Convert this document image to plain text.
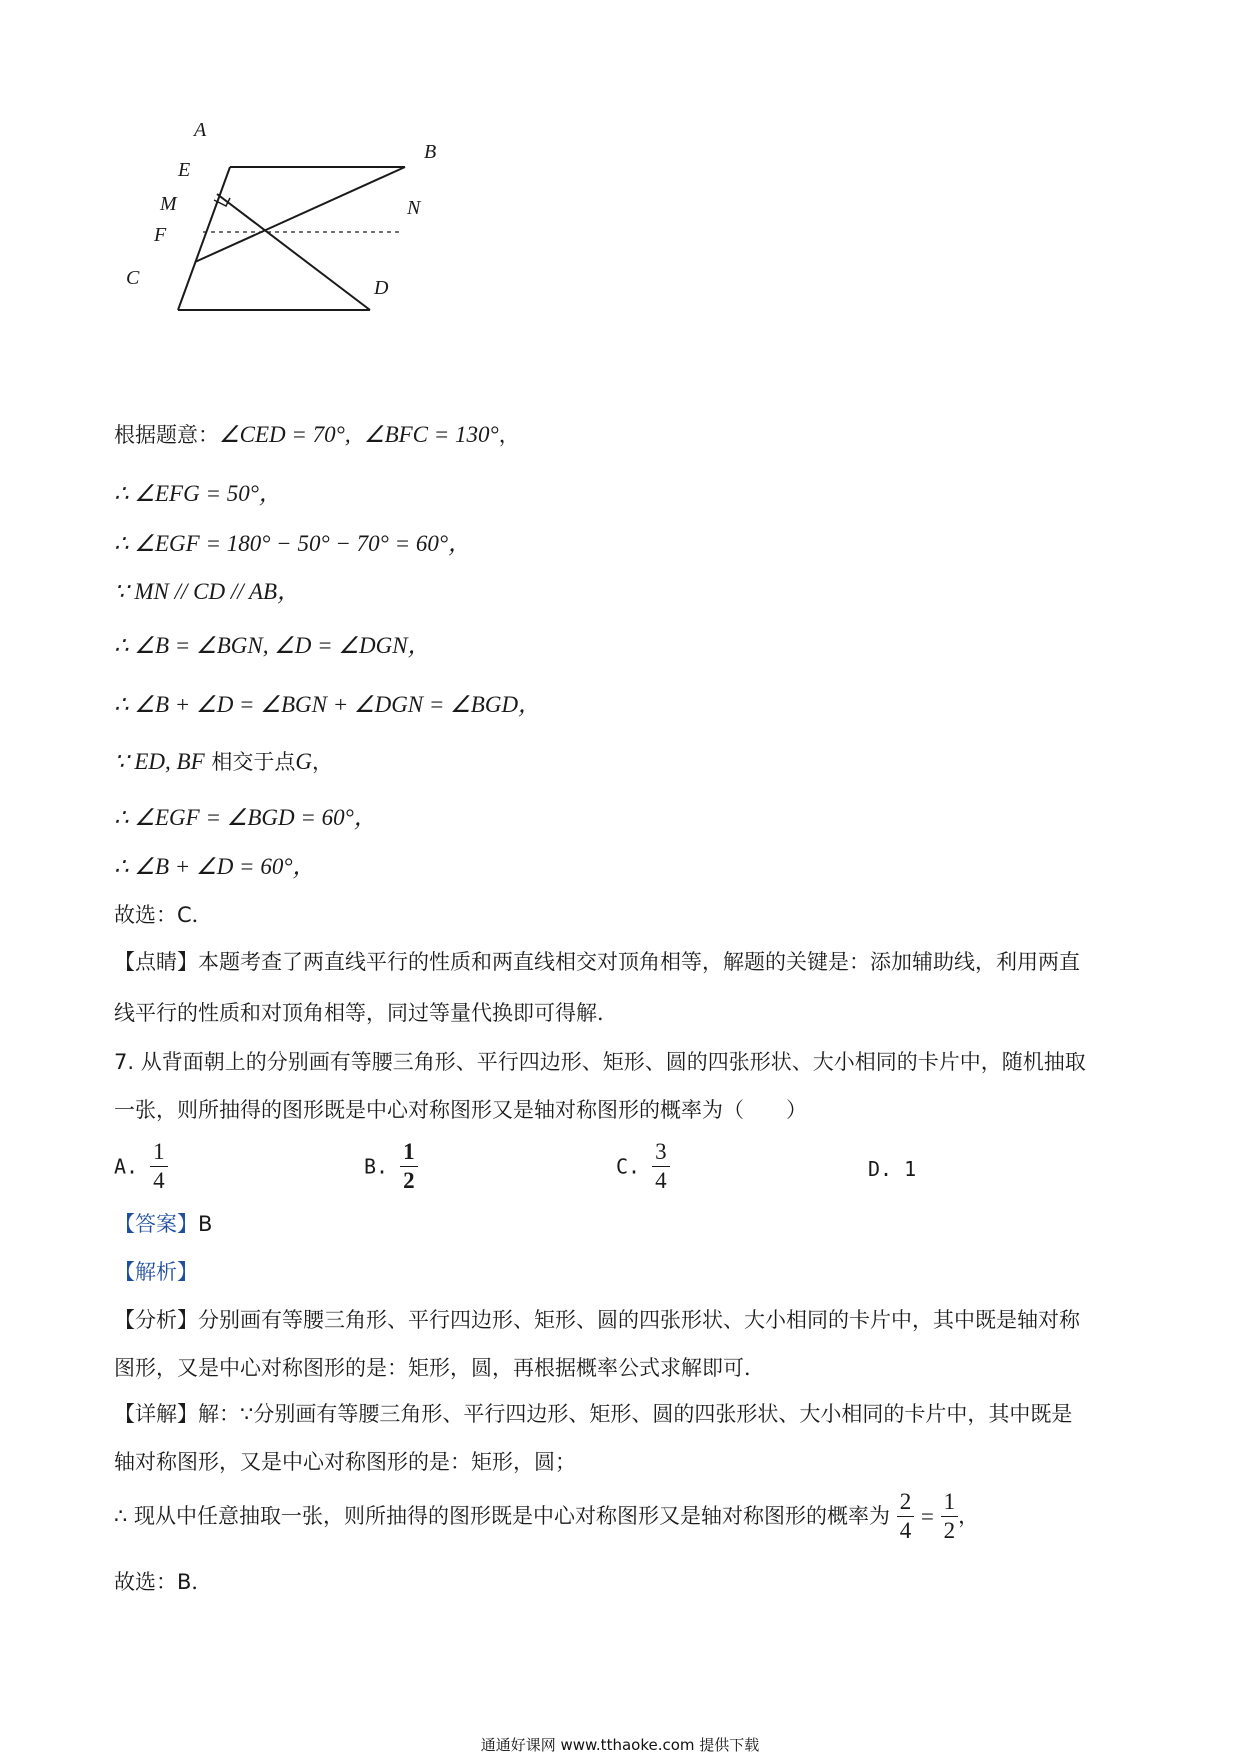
A
B
E
M	N
F
C	D
根据题意：∠CED = 70°, ∠BFC = 130°，
∴ ∠EFG = 50°，
∴ ∠EGF = 180° − 50° − 70° = 60°，
∵ MN // CD // AB，
∴ ∠B = ∠BGN, ∠D = ∠DGN，
∴ ∠B + ∠D = ∠BGN + ∠DGN = ∠BGD，
∵ ED, BF 相交于点G，
∴ ∠EGF = ∠BGD = 60°，
∴ ∠B + ∠D = 60°，
故选：C．
【点睛】本题考查了两直线平行的性质和两直线相交对顶角相等，解题的关键是：添加辅助线，利用两直
线平行的性质和对顶角相等，同过等量代换即可得解．
7. 从背面朝上的分别画有等腰三角形、平行四边形、矩形、圆的四张形状、大小相同的卡片中，随机抽取
一张，则所抽得的图形既是中心对称图形又是轴对称图形的概率为（　　）
A. $\frac{1}{4}$	B. $\frac{1}{2}$	C. $\frac{3}{4}$	D. 1
【答案】B
【解析】
【分析】分别画有等腰三角形、平行四边形、矩形、圆的四张形状、大小相同的卡片中，其中既是轴对称
图形，又是中心对称图形的是：矩形，圆，再根据概率公式求解即可．
【详解】解：∵分别画有等腰三角形、平行四边形、矩形、圆的四张形状、大小相同的卡片中，其中既是
轴对称图形，又是中心对称图形的是：矩形，圆；
∴ 现从中任意抽取一张，则所抽得的图形既是中心对称图形又是轴对称图形的概率为 $\frac{2}{4} = \frac{1}{2}$ ，
故选：B．
通通好课网 www.tthaoke.com 提供下载
